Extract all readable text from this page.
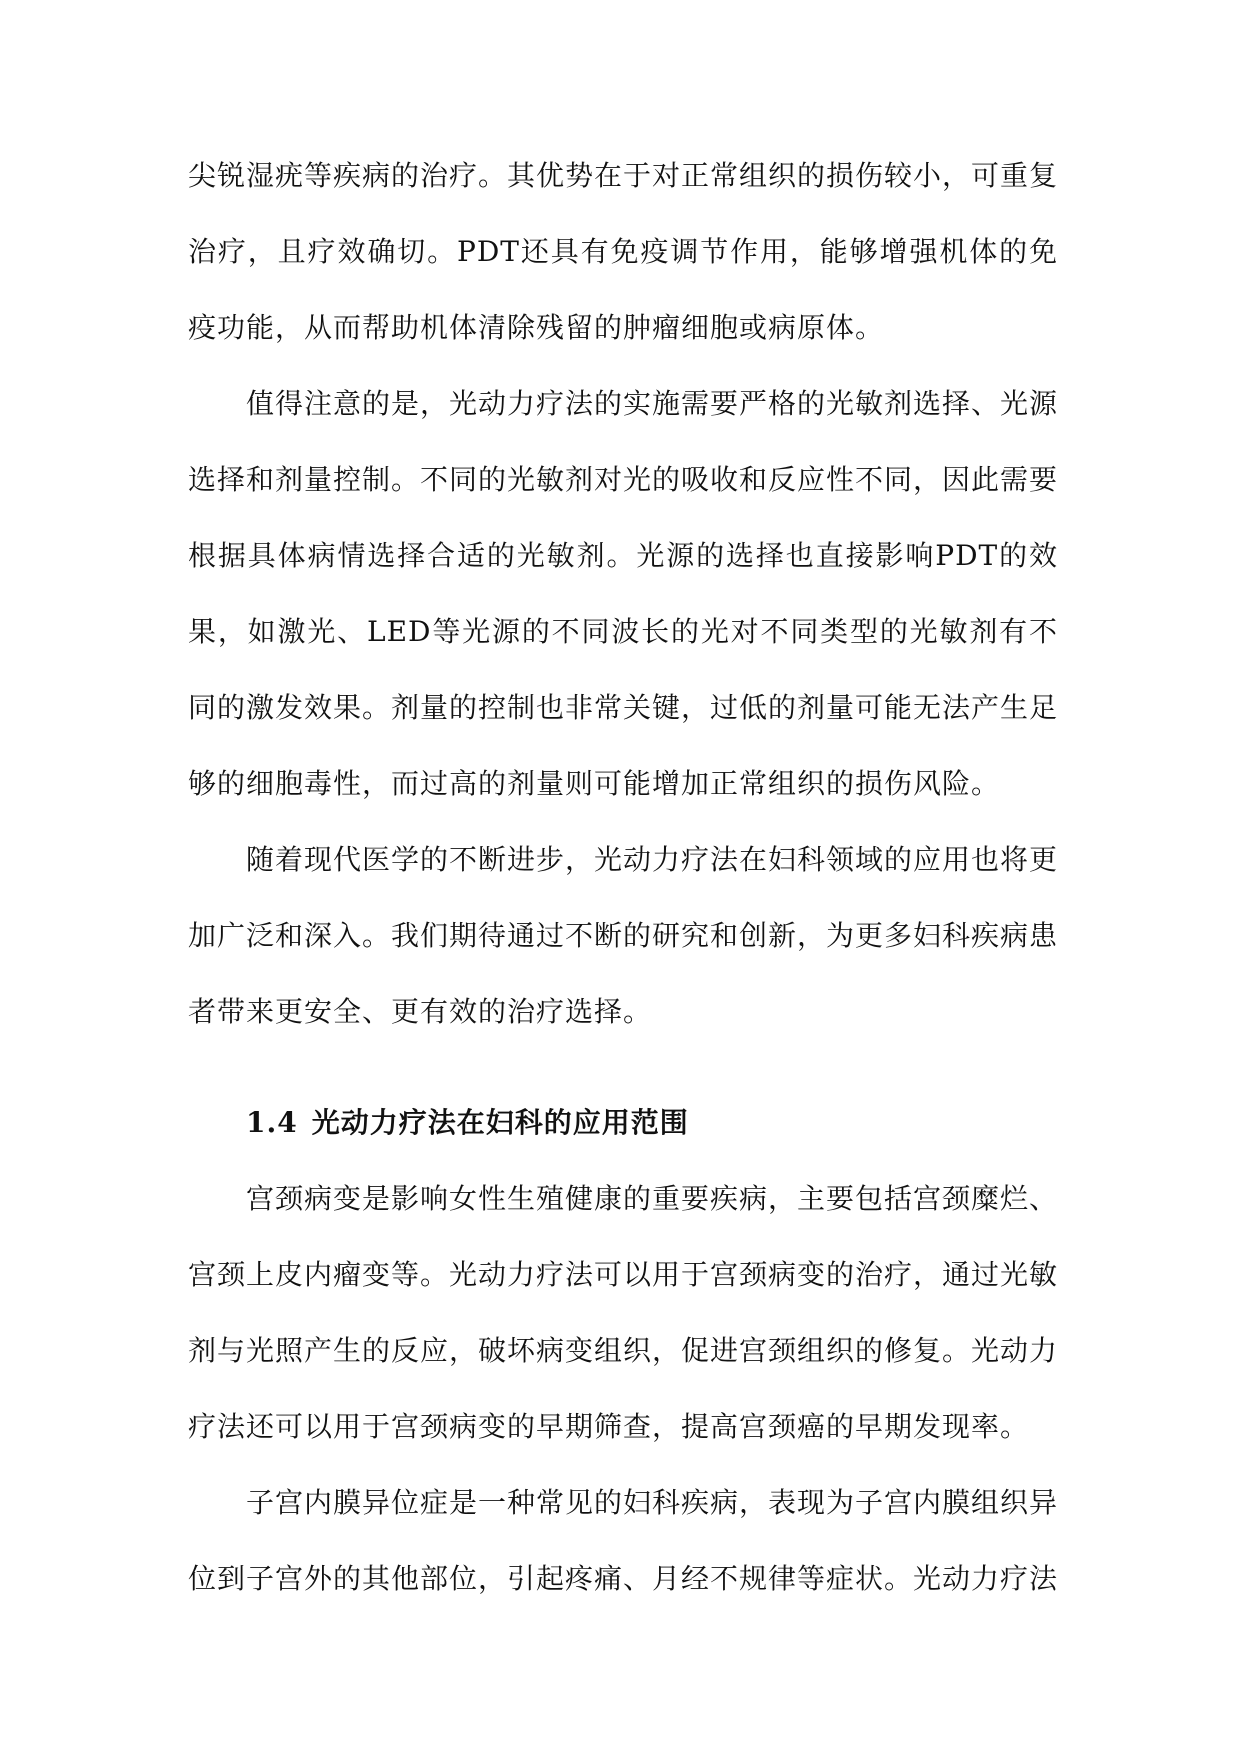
尖锐湿疣等疾病的治疗。其优势在于对正常组织的损伤较小，可重复治疗，且疗效确切。PDT还具有免疫调节作用，能够增强机体的免疫功能，从而帮助机体清除残留的肿瘤细胞或病原体。

值得注意的是，光动力疗法的实施需要严格的光敏剂选择、光源选择和剂量控制。不同的光敏剂对光的吸收和反应性不同，因此需要根据具体病情选择合适的光敏剂。光源的选择也直接影响PDT的效果，如激光、LED等光源的不同波长的光对不同类型的光敏剂有不同的激发效果。剂量的控制也非常关键，过低的剂量可能无法产生足够的细胞毒性，而过高的剂量则可能增加正常组织的损伤风险。

随着现代医学的不断进步，光动力疗法在妇科领域的应用也将更加广泛和深入。我们期待通过不断的研究和创新，为更多妇科疾病患者带来更安全、更有效的治疗选择。

1.4 光动力疗法在妇科的应用范围

宫颈病变是影响女性生殖健康的重要疾病，主要包括宫颈糜烂、宫颈上皮内瘤变等。光动力疗法可以用于宫颈病变的治疗，通过光敏剂与光照产生的反应，破坏病变组织，促进宫颈组织的修复。光动力疗法还可以用于宫颈病变的早期筛查，提高宫颈癌的早期发现率。

子宫内膜异位症是一种常见的妇科疾病，表现为子宫内膜组织异位到子宫外的其他部位，引起疼痛、月经不规律等症状。光动力疗法
